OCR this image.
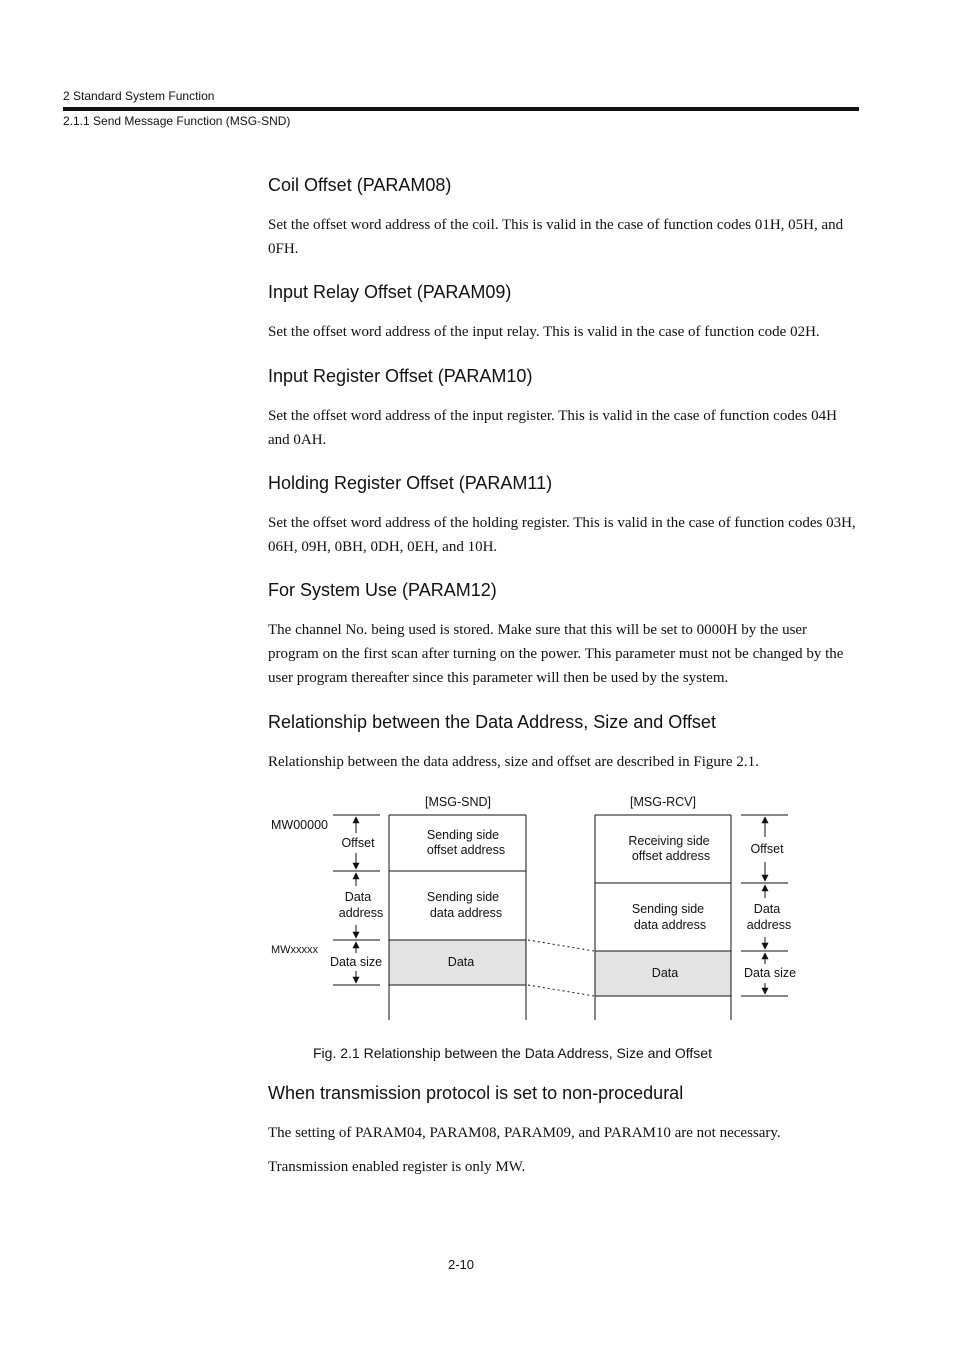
2 Standard System Function
2.1.1 Send Message Function (MSG-SND)
Coil Offset (PARAM08)
Set the offset word address of the coil. This is valid in the case of function codes 01H, 05H, and 0FH.
Input Relay Offset (PARAM09)
Set the offset word address of the input relay. This is valid in the case of function code 02H.
Input Register Offset (PARAM10)
Set the offset word address of the input register. This is valid in the case of function codes 04H and 0AH.
Holding Register Offset (PARAM11)
Set the offset word address of the holding register. This is valid in the case of function codes 03H, 06H, 09H, 0BH, 0DH, 0EH, and 10H.
For System Use (PARAM12)
The channel No. being used is stored. Make sure that this will be set to 0000H by the user program on the first scan after turning on the power. This parameter must not be changed by the user program thereafter since this parameter will then be used by the system.
Relationship between the Data Address, Size and Offset
Relationship between the data address, size and offset are described in Figure 2.1.
[MSG-SND]	[MSG-RCV]
MW00000
MWxxxxx
Offset
Data
address
Data size
Sending side
offset address
Sending side
data address
Data
Receiving side
offset address
Sending side
data address
Data
Offset
Data
address
Data size
Fig. 2.1 Relationship between the Data Address, Size and Offset
When transmission protocol is set to non-procedural
The setting of PARAM04, PARAM08, PARAM09, and PARAM10 are not necessary.
Transmission enabled register is only MW.
2-10
